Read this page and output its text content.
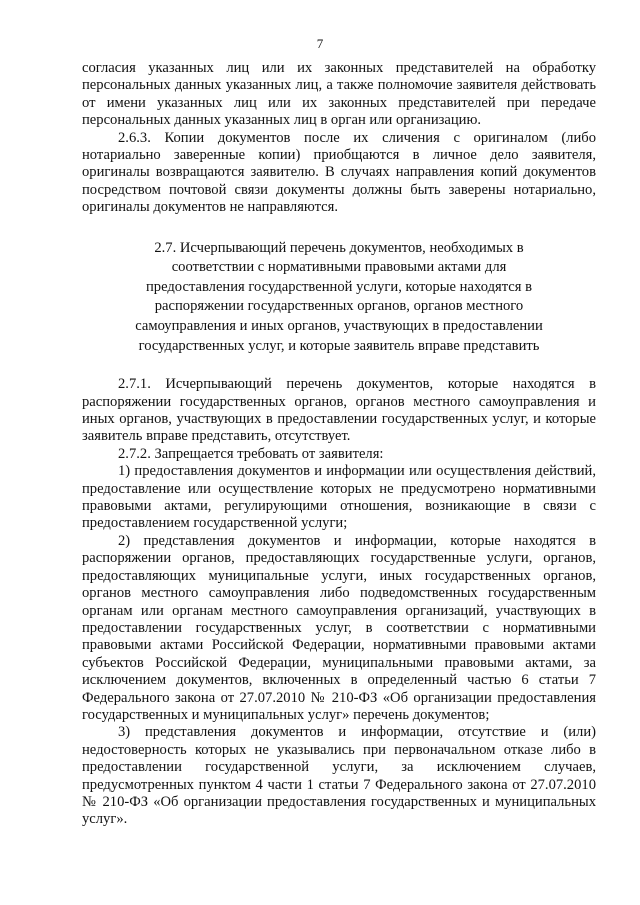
7

согласия указанных лиц или их законных представителей на обработку персональных данных указанных лиц, а также полномочие заявителя действовать от имени указанных лиц или их законных представителей при передаче персональных данных указанных лиц в орган или организацию.

2.6.3. Копии документов после их сличения с оригиналом (либо нотариально заверенные копии) приобщаются в личное дело заявителя, оригиналы возвращаются заявителю. В случаях направления копий документов посредством почтовой связи документы должны быть заверены нотариально, оригиналы документов не направляются.

2.7. Исчерпывающий перечень документов, необходимых в соответствии с нормативными правовыми актами для предоставления государственной услуги, которые находятся в распоряжении государственных органов, органов местного самоуправления и иных органов, участвующих в предоставлении государственных услуг, и которые заявитель вправе представить

2.7.1. Исчерпывающий перечень документов, которые находятся в распоряжении государственных органов, органов местного самоуправления и иных органов, участвующих в предоставлении государственных услуг, и которые заявитель вправе представить, отсутствует.

2.7.2. Запрещается требовать от заявителя:

1) предоставления документов и информации или осуществления действий, предоставление или осуществление которых не предусмотрено нормативными правовыми актами, регулирующими отношения, возникающие в связи с предоставлением государственной услуги;

2) представления документов и информации, которые находятся в распоряжении органов, предоставляющих государственные услуги, органов, предоставляющих муниципальные услуги, иных государственных органов, органов местного самоуправления либо подведомственных государственным органам или органам местного самоуправления организаций, участвующих в предоставлении государственных услуг, в соответствии с нормативными правовыми актами Российской Федерации, нормативными правовыми актами субъектов Российской Федерации, муниципальными правовыми актами, за исключением документов, включенных в определенный частью 6 статьи 7 Федерального закона от 27.07.2010 № 210-ФЗ «Об организации предоставления государственных и муниципальных услуг» перечень документов;

3) представления документов и информации, отсутствие и (или) недостоверность которых не указывались при первоначальном отказе либо в предоставлении государственной услуги, за исключением случаев, предусмотренных пунктом 4 части 1 статьи 7 Федерального закона от 27.07.2010 № 210-ФЗ «Об организации предоставления государственных и муниципальных услуг».
